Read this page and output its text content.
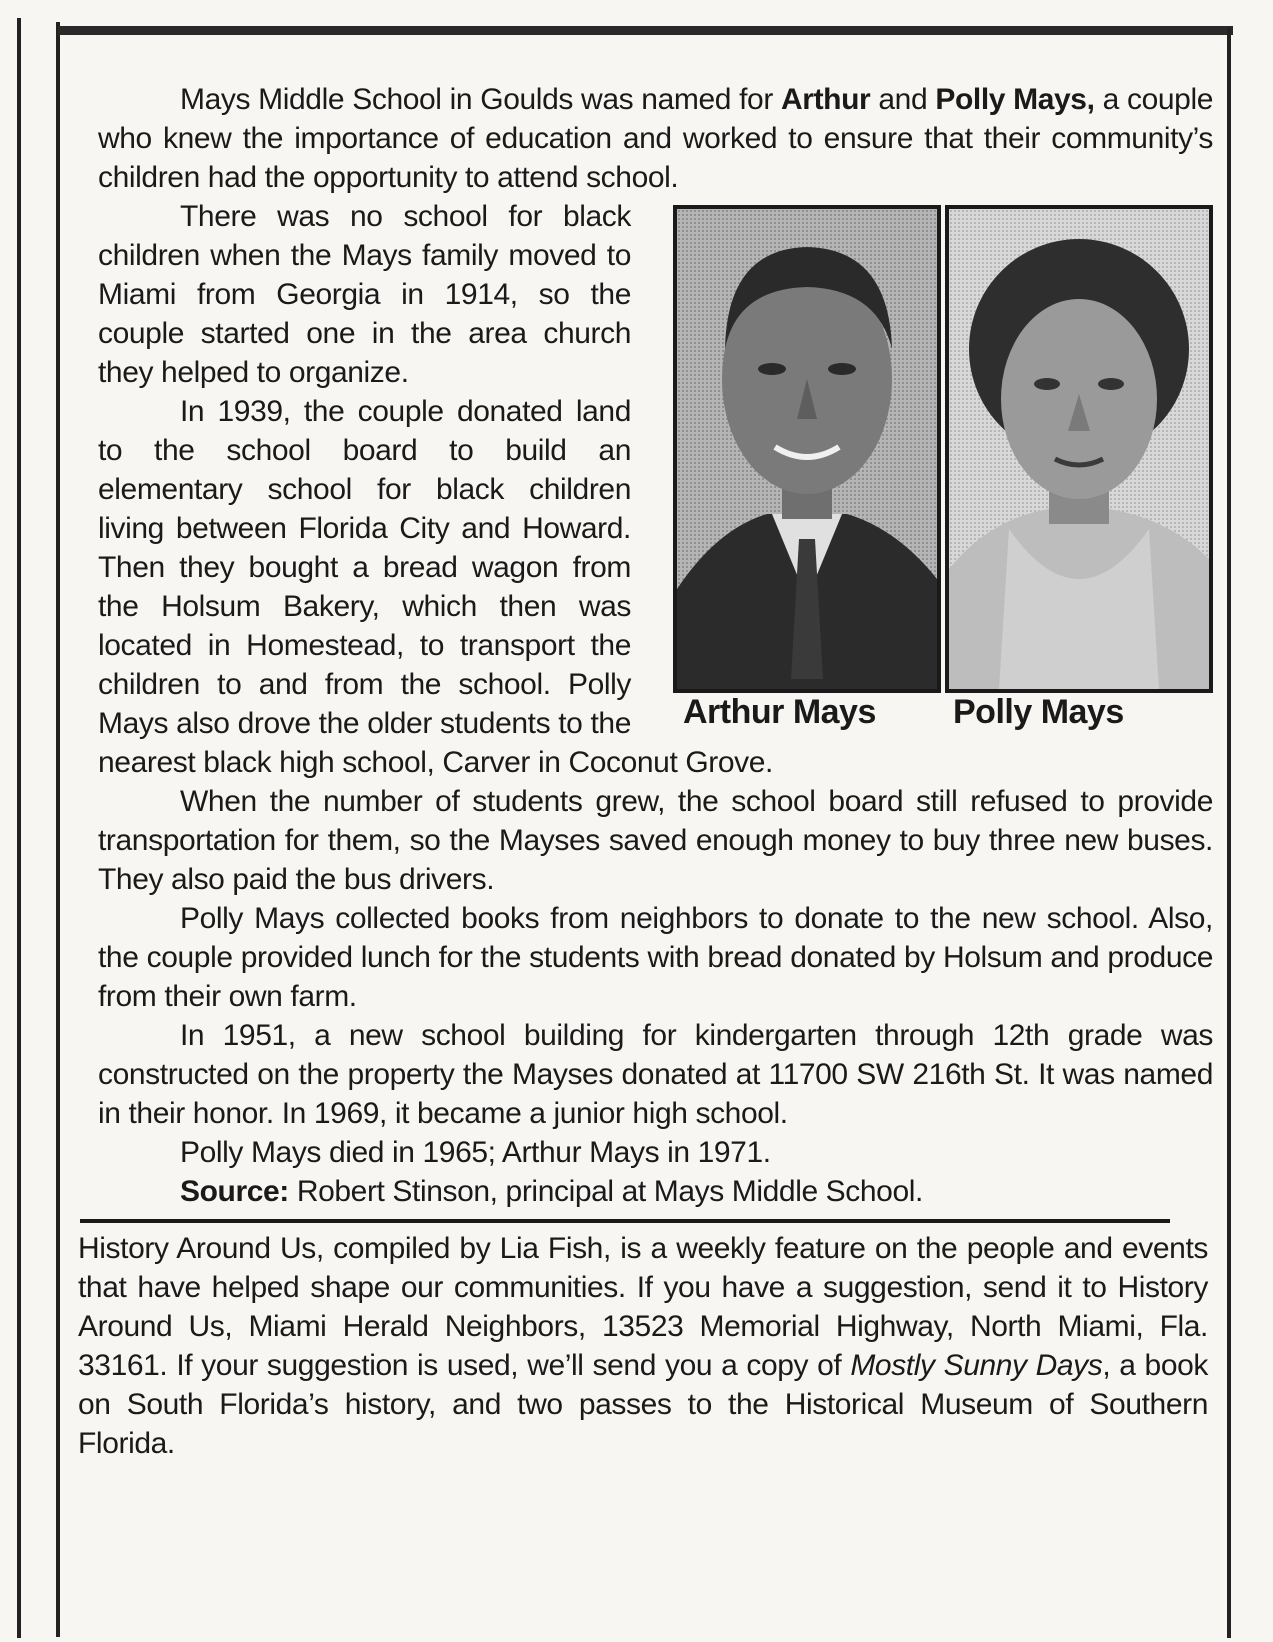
Mays Middle School in Goulds was named for Arthur and Polly Mays, a couple who knew the importance of education and worked to ensure that their community’s children had the opportunity to attend school.

Arthur Mays Polly Mays

There was no school for black children when the Mays family moved to Miami from Georgia in 1914, so the couple started one in the area church they helped to organize.

In 1939, the couple donated land to the school board to build an elementary school for black children living between Florida City and Howard. Then they bought a bread wagon from the Holsum Bakery, which then was located in Homestead, to transport the children to and from the school. Polly Mays also drove the older students to the nearest black high school, Carver in Coconut Grove.

When the number of students grew, the school board still refused to provide transportation for them, so the Mayses saved enough money to buy three new buses. They also paid the bus drivers.

Polly Mays collected books from neighbors to donate to the new school. Also, the couple provided lunch for the students with bread donated by Holsum and produce from their own farm.

In 1951, a new school building for kindergarten through 12th grade was constructed on the property the Mayses donated at 11700 SW 216th St. It was named in their honor. In 1969, it became a junior high school.

Polly Mays died in 1965; Arthur Mays in 1971.

Source: Robert Stinson, principal at Mays Middle School.

History Around Us, compiled by Lia Fish, is a weekly feature on the people and events that have helped shape our communities. If you have a suggestion, send it to History Around Us, Miami Herald Neighbors, 13523 Memorial Highway, North Miami, Fla. 33161. If your suggestion is used, we’ll send you a copy of Mostly Sunny Days, a book on South Florida’s history, and two passes to the Historical Museum of Southern Florida.
